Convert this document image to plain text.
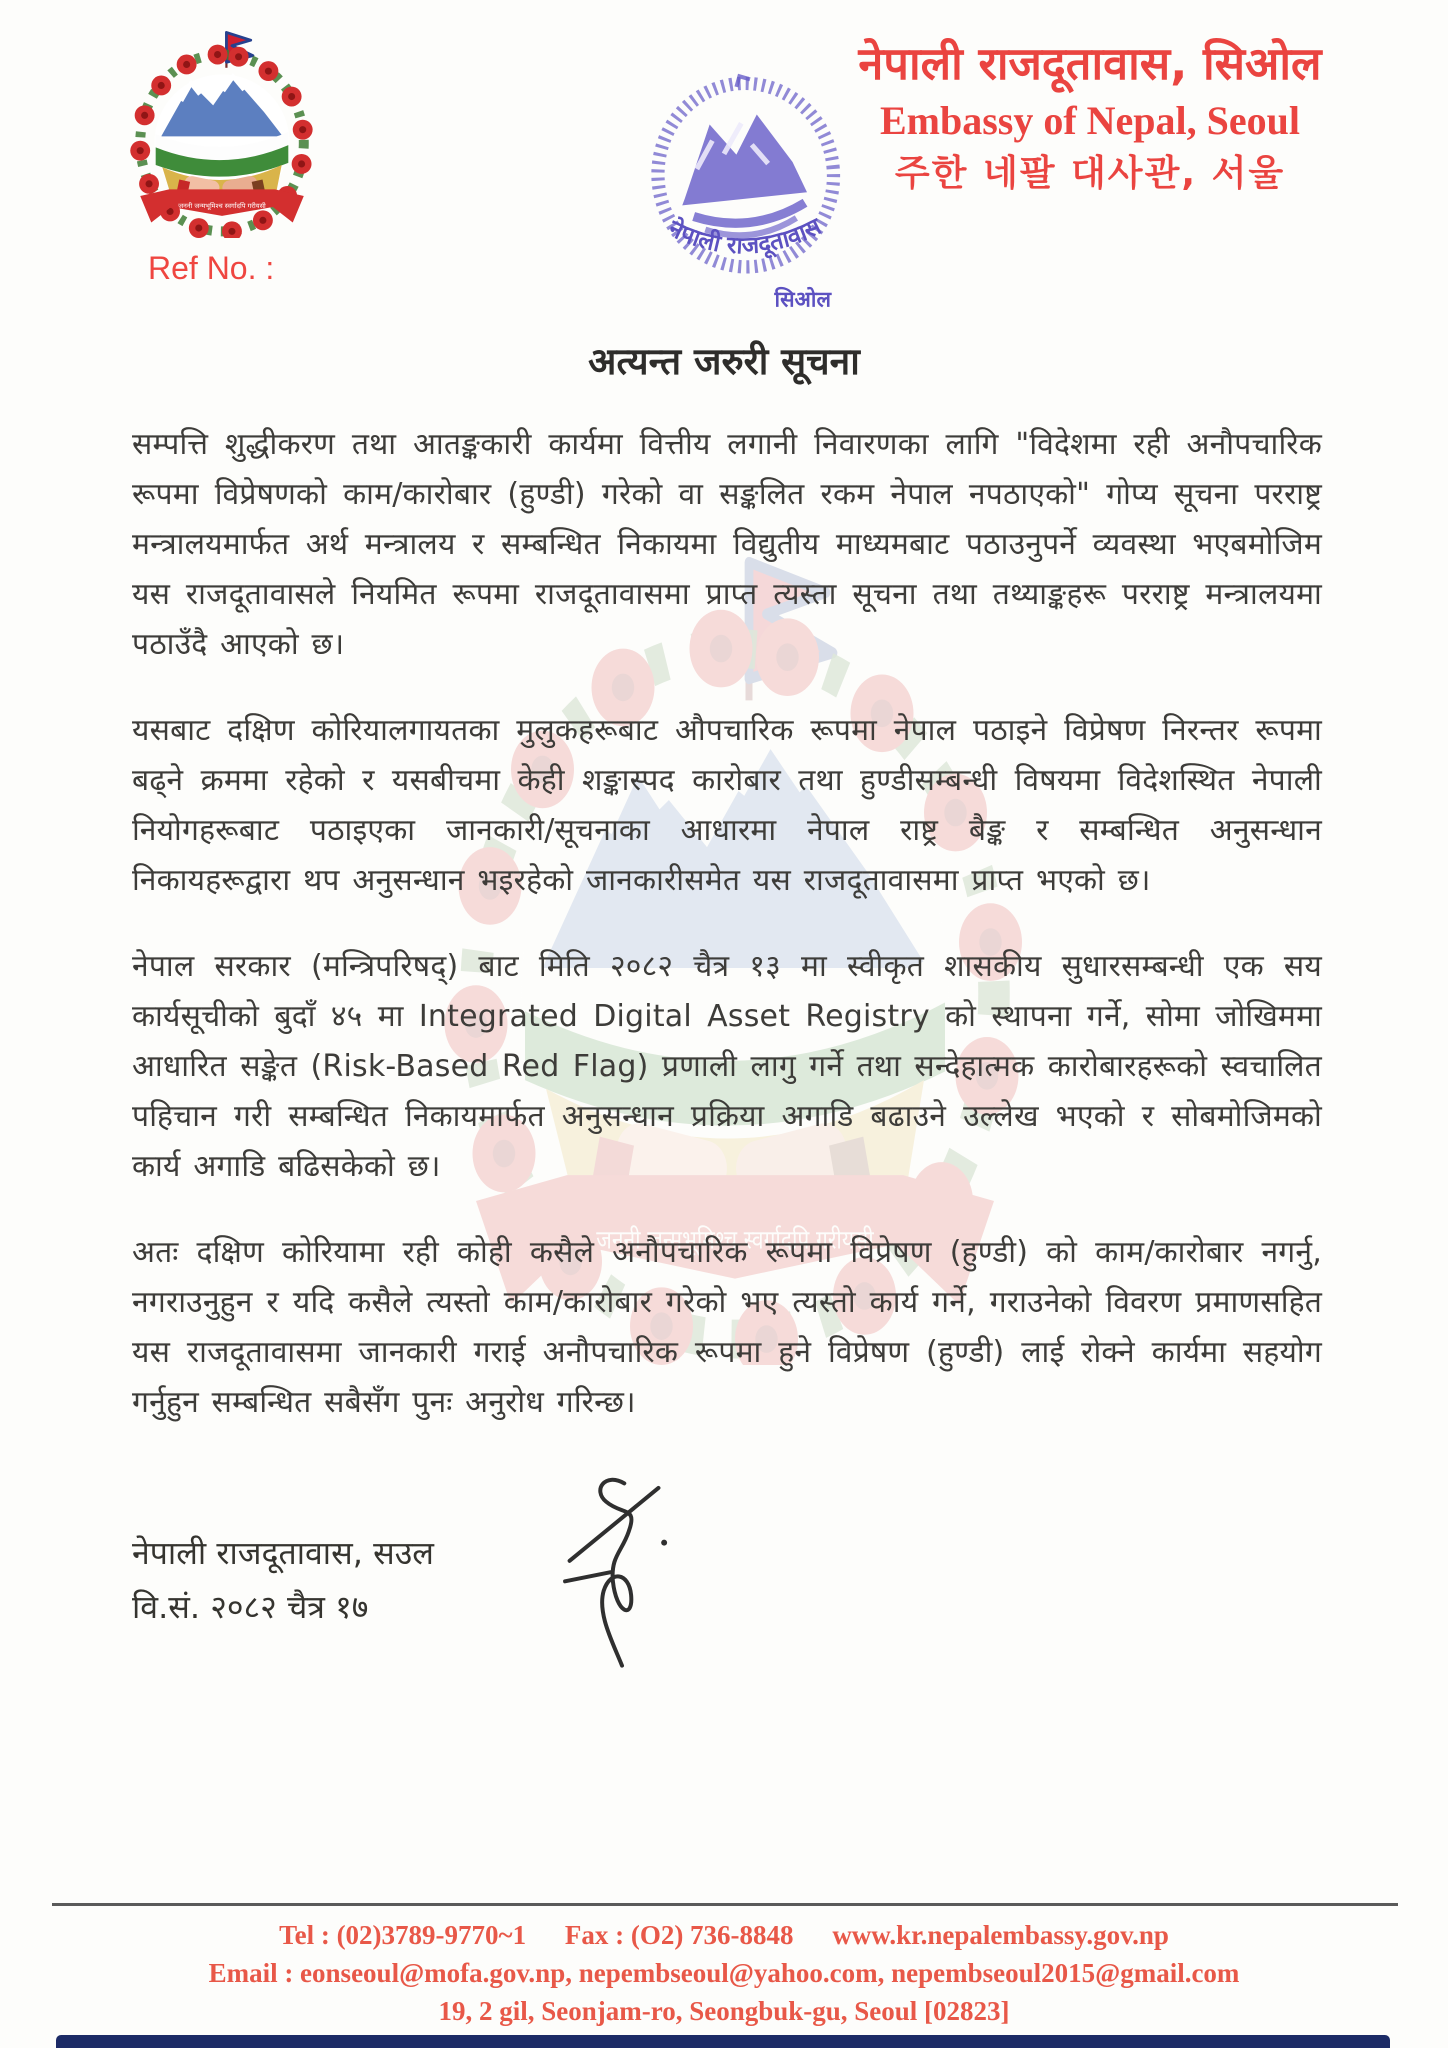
नेपाली राजदूतावास
सिओल
नेपाली राजदूतावास, सिओल
Embassy of Nepal, Seoul
주한 네팔 대사관, 서울
Ref No. :
अत्यन्त जरुरी सूचना

सम्पत्ति शुद्धीकरण तथा आतङ्ककारी कार्यमा वित्तीय लगानी निवारणका लागि "विदेशमा रही अनौपचारिक रूपमा विप्रेषणको काम/कारोबार (हुण्डी) गरेको वा सङ्कलित रकम नेपाल नपठाएको" गोप्य सूचना परराष्ट्र मन्त्रालयमार्फत अर्थ मन्त्रालय र सम्बन्धित निकायमा विद्युतीय माध्यमबाट पठाउनुपर्ने व्यवस्था भएबमोजिम यस राजदूतावासले नियमित रूपमा राजदूतावासमा प्राप्त त्यस्ता सूचना तथा तथ्याङ्कहरू परराष्ट्र मन्त्रालयमा पठाउँदै आएको छ।

यसबाट दक्षिण कोरियालगायतका मुलुकहरूबाट औपचारिक रूपमा नेपाल पठाइने विप्रेषण निरन्तर रूपमा बढ्ने क्रममा रहेको र यसबीचमा केही शङ्कास्पद कारोबार तथा हुण्डीसम्बन्धी विषयमा विदेशस्थित नेपाली नियोगहरूबाट पठाइएका जानकारी/सूचनाका आधारमा नेपाल राष्ट्र बैङ्क र सम्बन्धित अनुसन्धान निकायहरूद्वारा थप अनुसन्धान भइरहेको जानकारीसमेत यस राजदूतावासमा प्राप्त भएको छ।

नेपाल सरकार (मन्त्रिपरिषद्) बाट मिति २०८२ चैत्र १३ मा स्वीकृत शासकीय सुधारसम्बन्धी एक सय कार्यसूचीको बुदाँ ४५ मा Integrated Digital Asset Registry को स्थापना गर्ने, सोमा जोखिममा आधारित सङ्केत (Risk-Based Red Flag) प्रणाली लागु गर्ने तथा सन्देहात्मक कारोबारहरूको स्वचालित पहिचान गरी सम्बन्धित निकायमार्फत अनुसन्धान प्रक्रिया अगाडि बढाउने उल्लेख भएको र सोबमोजिमको कार्य अगाडि बढिसकेको छ।

अतः दक्षिण कोरियामा रही कोही कसैले अनौपचारिक रूपमा विप्रेषण (हुण्डी) को काम/कारोबार नगर्नु, नगराउनुहुन र यदि कसैले त्यस्तो काम/कारोबार गरेको भए त्यस्तो कार्य गर्ने, गराउनेको विवरण प्रमाणसहित यस राजदूतावासमा जानकारी गराई अनौपचारिक रूपमा हुने विप्रेषण (हुण्डी) लाई रोक्ने कार्यमा सहयोग गर्नुहुन सम्बन्धित सबैसँग पुनः अनुरोध गरिन्छ।

नेपाली राजदूतावास, सउल
वि.सं. २०८२ चैत्र १७
Tel : (02)3789-9770~1 Fax : (O2) 736-8848 www.kr.nepalembassy.gov.np
Email : eonseoul@mofa.gov.np, nepembseoul@yahoo.com, nepembseoul2015@gmail.com
19, 2 gil, Seonjam-ro, Seongbuk-gu, Seoul [02823]
